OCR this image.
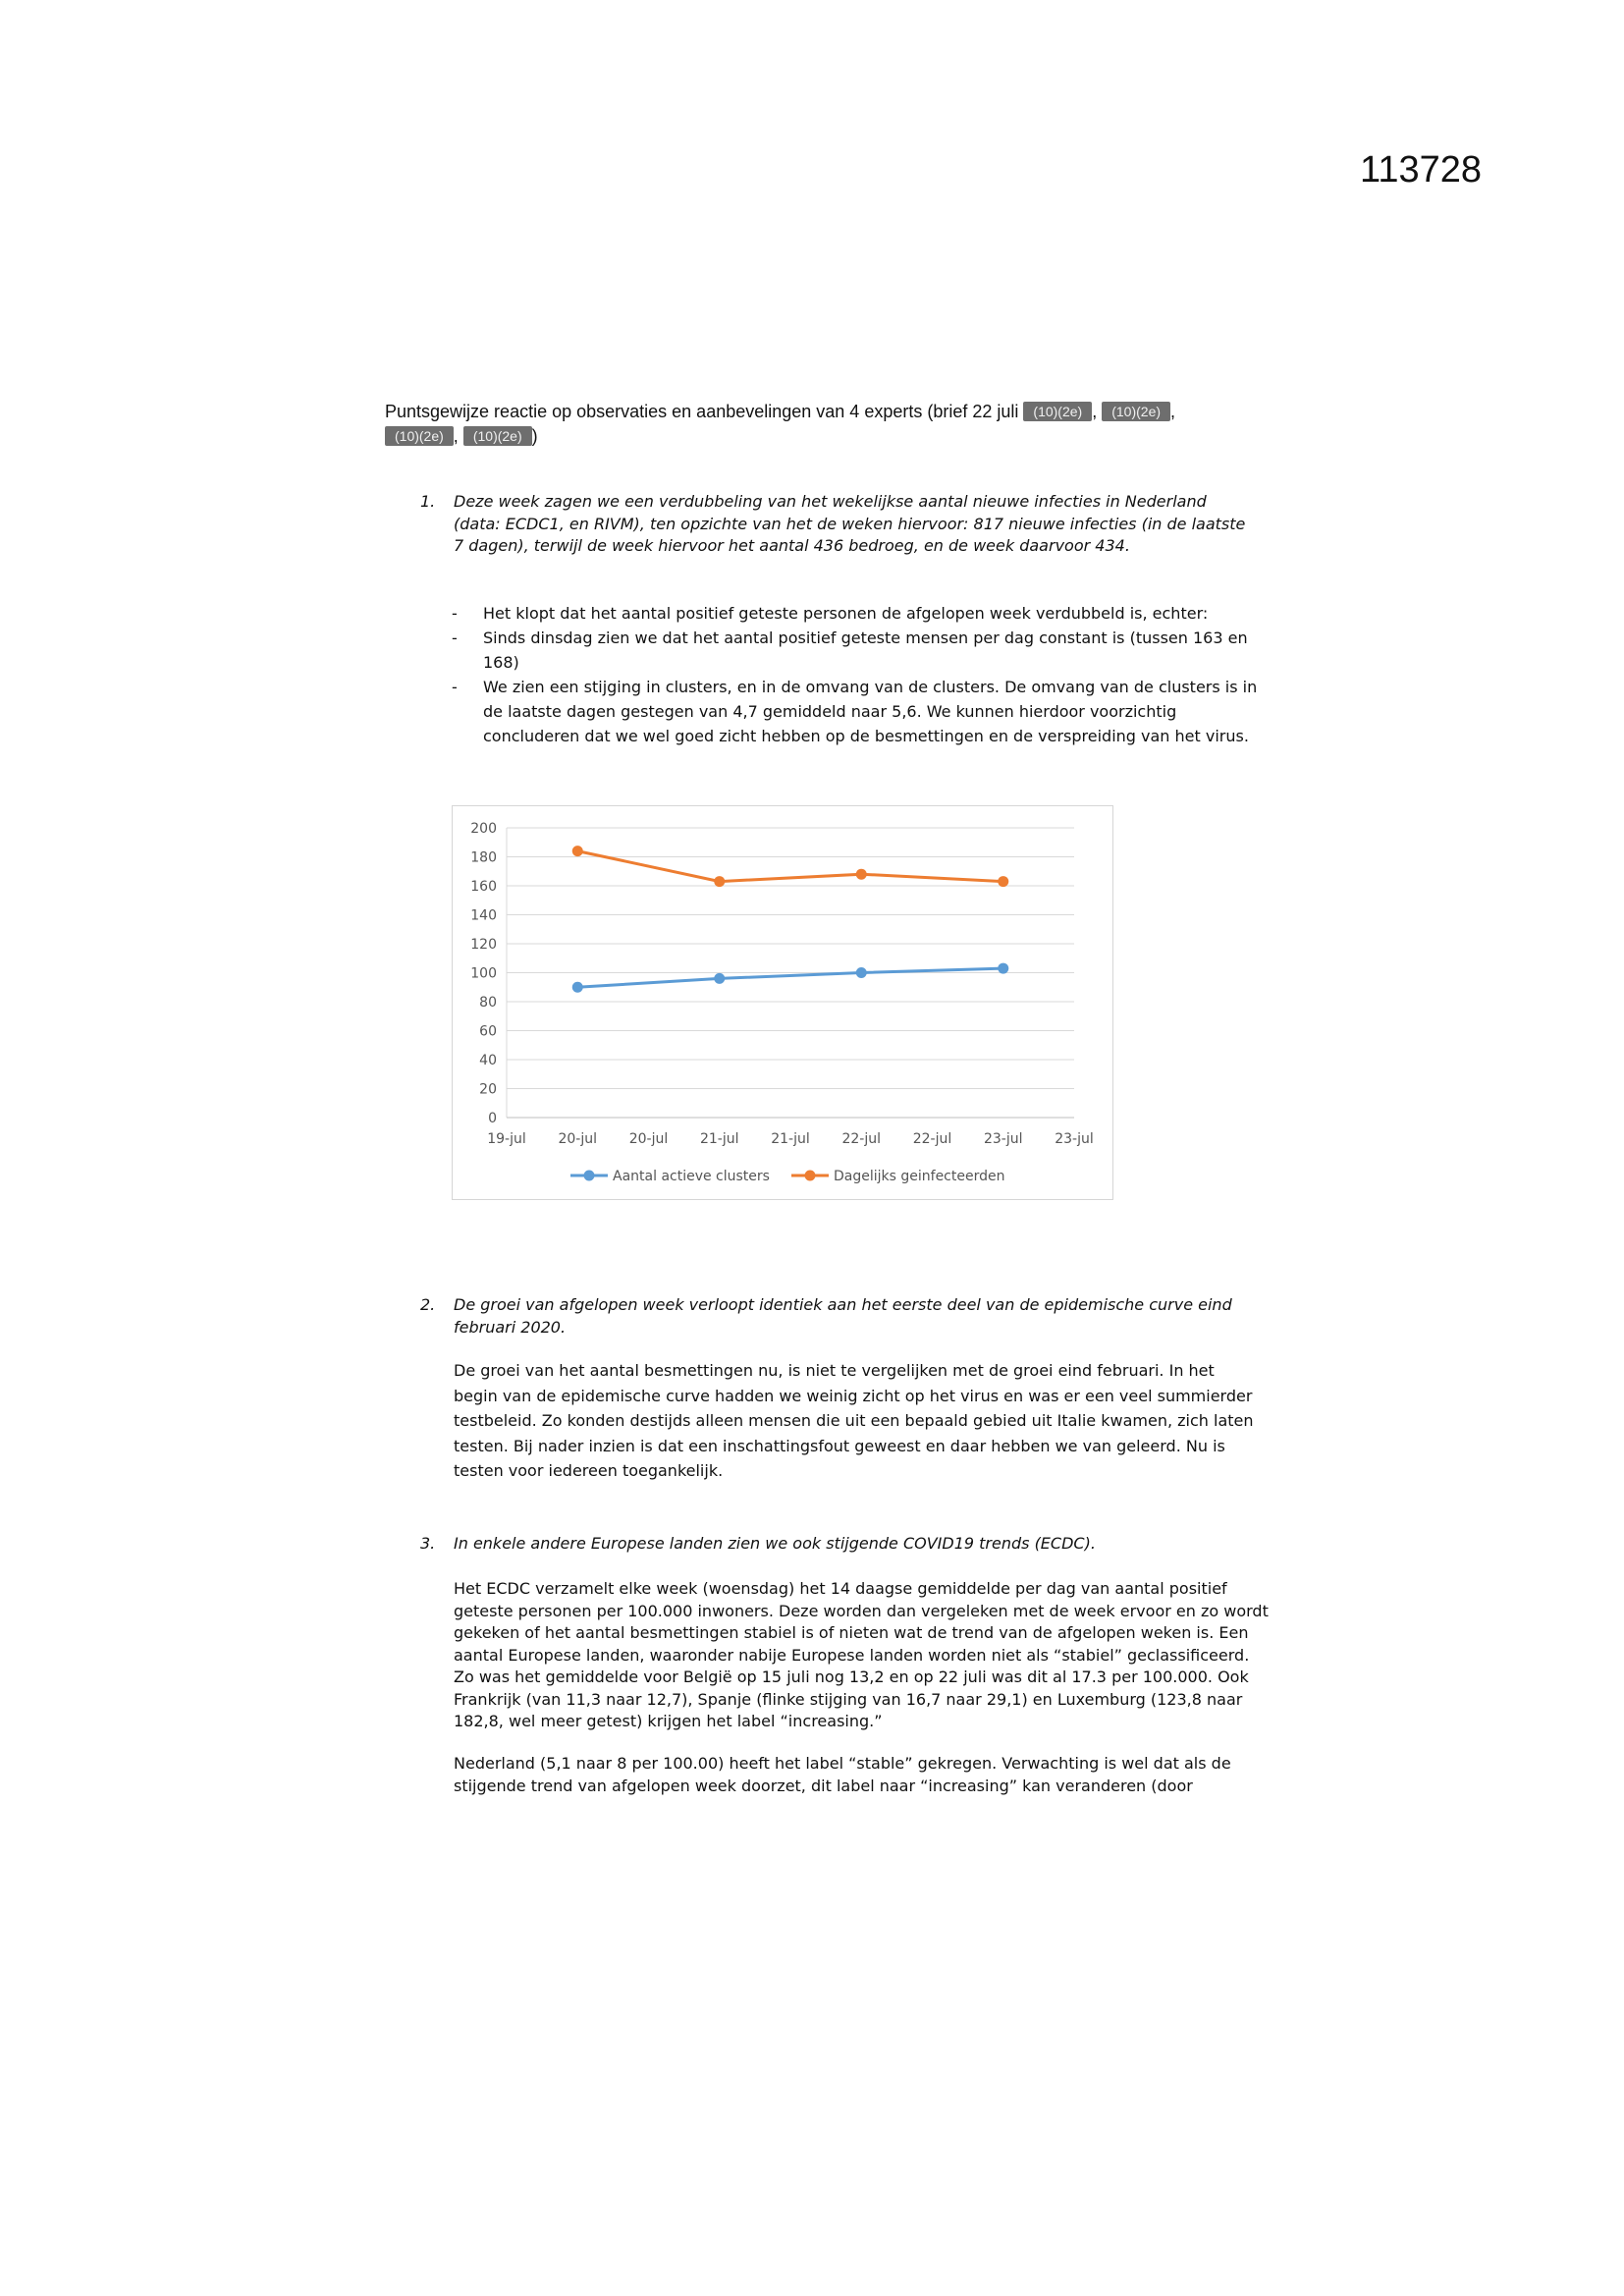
113728
Puntsgewijze reactie op observaties en aanbevelingen van 4 experts (brief 22 juli (10)(2e) , (10)(2e) ,
(10)(2e) , (10)(2e) )
1. Deze week zagen we een verdubbeling van het wekelijkse aantal nieuwe infecties in Nederland (data: ECDC1, en RIVM), ten opzichte van het de weken hiervoor: 817 nieuwe infecties (in de laatste 7 dagen), terwijl de week hiervoor het aantal 436 bedroeg, en de week daarvoor 434.
- Het klopt dat het aantal positief geteste personen de afgelopen week verdubbeld is, echter:
- Sinds dinsdag zien we dat het aantal positief geteste mensen per dag constant is (tussen 163 en 168)
- We zien een stijging in clusters, en in de omvang van de clusters. De omvang van de clusters is in de laatste dagen gestegen van 4,7 gemiddeld naar 5,6. We kunnen hierdoor voorzichtig concluderen dat we wel goed zicht hebben op de besmettingen en de verspreiding van het virus.
0
20
40
60
80
100
120
140
160
180
200
19-jul 20-jul 20-jul 21-jul 21-jul 22-jul 22-jul 23-jul 23-jul
Aantal actieve clusters	Dagelijks geinfecteerden
2. De groei van afgelopen week verloopt identiek aan het eerste deel van de epidemische curve eind februari 2020.
De groei van het aantal besmettingen nu, is niet te vergelijken met de groei eind februari. In het begin van de epidemische curve hadden we weinig zicht op het virus en was er een veel summierder testbeleid. Zo konden destijds alleen mensen die uit een bepaald gebied uit Italie kwamen, zich laten testen. Bij nader inzien is dat een inschattingsfout geweest en daar hebben we van geleerd. Nu is testen voor iedereen toegankelijk.
3. In enkele andere Europese landen zien we ook stijgende COVID19 trends (ECDC).
Het ECDC verzamelt elke week (woensdag) het 14 daagse gemiddelde per dag van aantal positief geteste personen per 100.000 inwoners. Deze worden dan vergeleken met de week ervoor en zo wordt gekeken of het aantal besmettingen stabiel is of nieten wat de trend van de afgelopen weken is. Een aantal Europese landen, waaronder nabije Europese landen worden niet als “stabiel” geclassificeerd. Zo was het gemiddelde voor België op 15 juli nog 13,2 en op 22 juli was dit al 17.3 per 100.000. Ook Frankrijk (van 11,3 naar 12,7), Spanje (flinke stijging van 16,7 naar 29,1) en Luxemburg (123,8 naar 182,8, wel meer getest) krijgen het label “increasing.”
Nederland (5,1 naar 8 per 100.00) heeft het label “stable” gekregen. Verwachting is wel dat als de stijgende trend van afgelopen week doorzet, dit label naar “increasing” kan veranderen (door
